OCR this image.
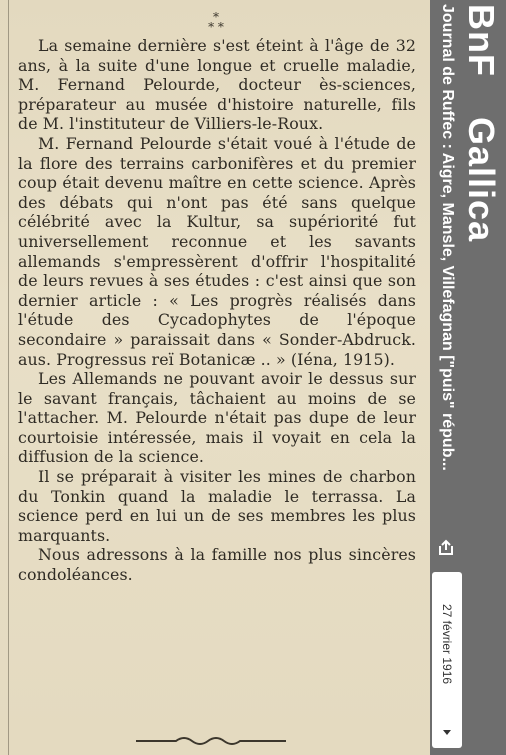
*
* *

La semaine dernière s'est éteint à l'âge de 32 ans, à la suite d'une longue et cruelle maladie, M. Fernand Pelourde, docteur ès-sciences, préparateur au musée d'histoire naturelle, fils de M. l'instituteur de Villiers-le-Roux.

M. Fernand Pelourde s'était voué à l'étude de la flore des terrains carbonifères et du premier coup était devenu maître en cette science. Après des débats qui n'ont pas été sans quelque célébrité avec la Kultur, sa supériorité fut universellement reconnue et les savants allemands s'empressèrent d'offrir l'hospitalité de leurs revues à ses études : c'est ainsi que son dernier article : « Les progrès réalisés dans l'étude des Cycadophytes de l'époque secondaire » paraissait dans « Sonder-Abdruck. aus. Progressus reï Botanicæ .. » (Iéna, 1915).

Les Allemands ne pouvant avoir le dessus sur le savant français, tâchaient au moins de se l'attacher. M. Pelourde n'était pas dupe de leur courtoisie intéressée, mais il voyait en cela la diffusion de la science.

Il se préparait à visiter les mines de charbon du Tonkin quand la maladie le terrassa. La science perd en lui un de ses membres les plus marquants.

Nous adressons à la famille nos plus sincères condoléances.

BnF  Gallica
Journal de Ruffec : Aigre, Mansle, Villefagnan ["puis" répub...
27 février 1916
